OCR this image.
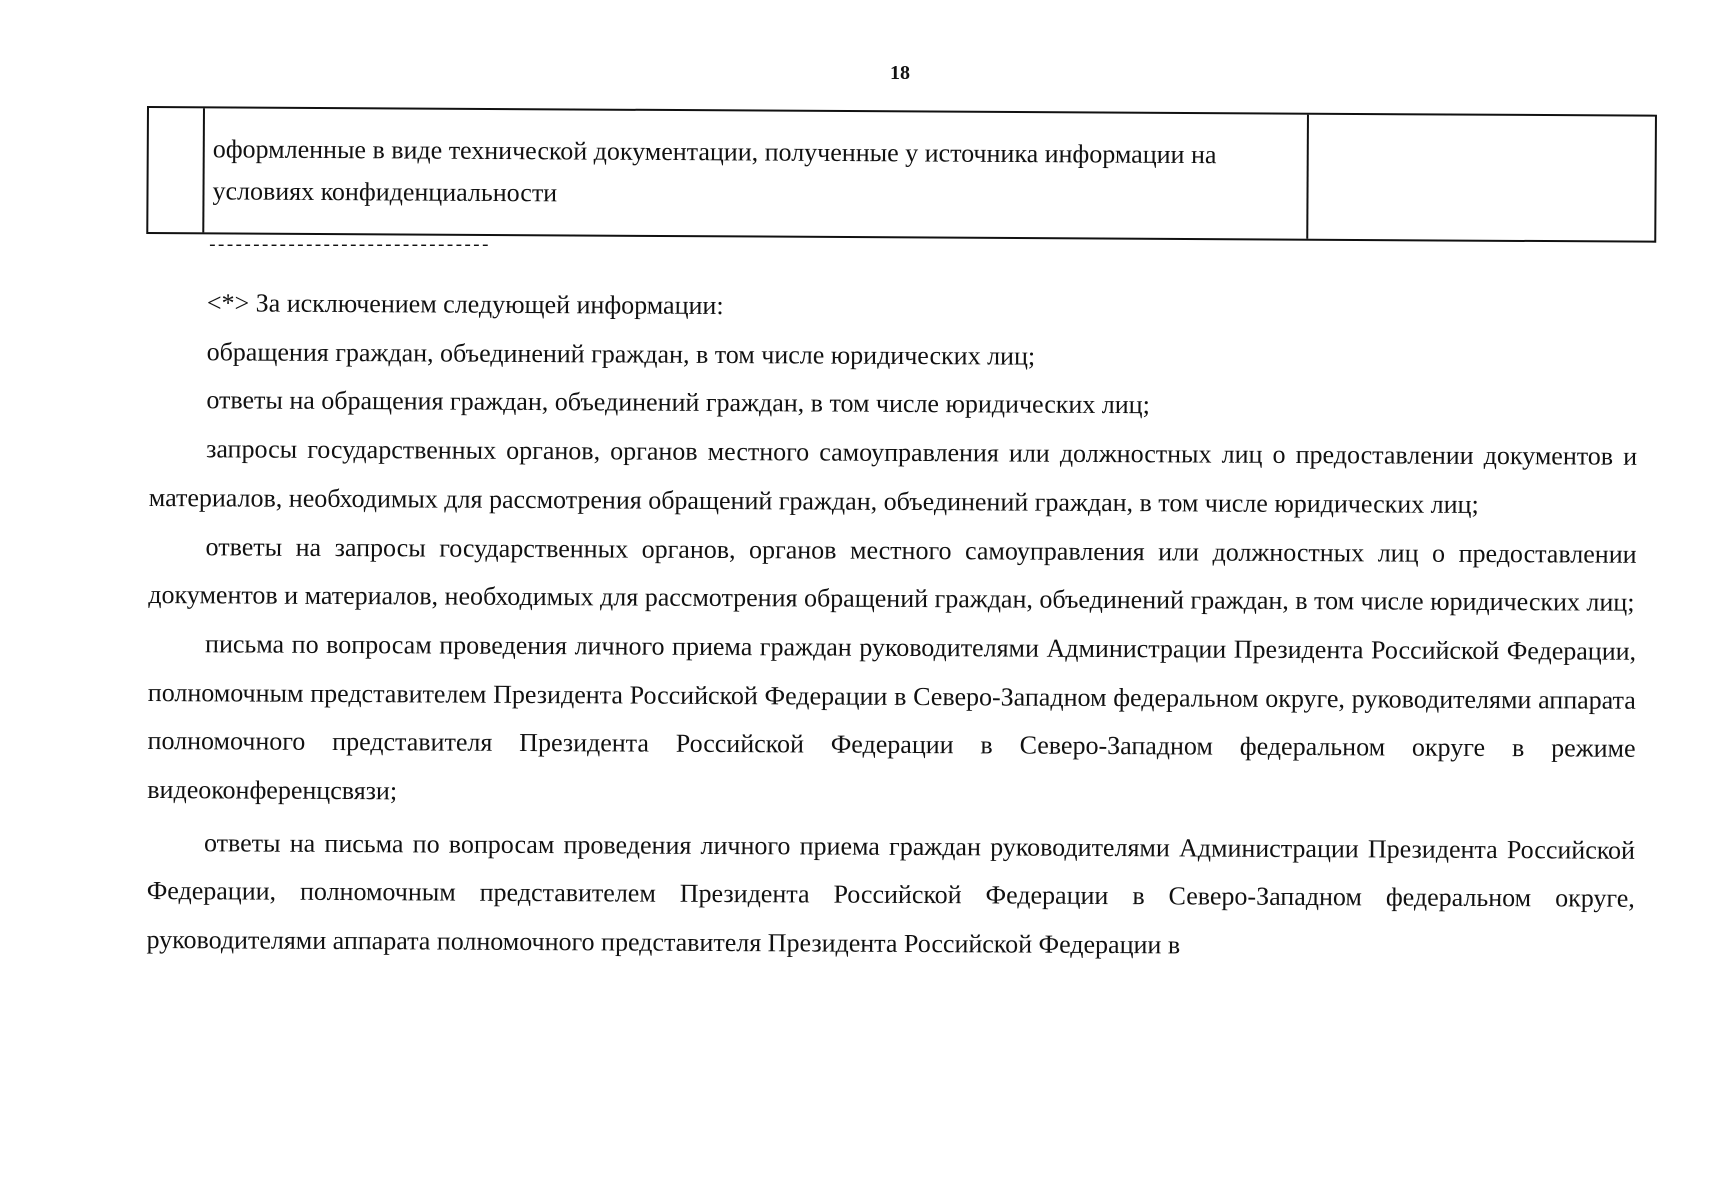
18
оформленные в виде технической документации, полученные у источника информации на условиях конфиденциальности
--------------------------------

<*> За исключением следующей информации:

обращения граждан, объединений граждан, в том числе юридических лиц;

ответы на обращения граждан, объединений граждан, в том числе юридических лиц;

запросы государственных органов, органов местного самоуправления или должностных лиц о предоставлении документов и материалов, необходимых для рассмотрения обращений граждан, объединений граждан, в том числе юридических лиц;

ответы на запросы государственных органов, органов местного самоуправления или должностных лиц о предоставлении документов и материалов, необходимых для рассмотрения обращений граждан, объединений граждан, в том числе юридических лиц;

письма по вопросам проведения личного приема граждан руководителями Администрации Президента Российской Федерации, полномочным представителем Президента Российской Федерации в Северо-Западном федеральном округе, руководителями аппарата полномочного представителя Президента Российской Федерации в Северо-Западном федеральном округе в режиме видеоконференцсвязи;

ответы на письма по вопросам проведения личного приема граждан руководителями Администрации Президента Российской Федерации, полномочным представителем Президента Российской Федерации в Северо-Западном федеральном округе, руководителями аппарата полномочного представителя Президента Российской Федерации в
